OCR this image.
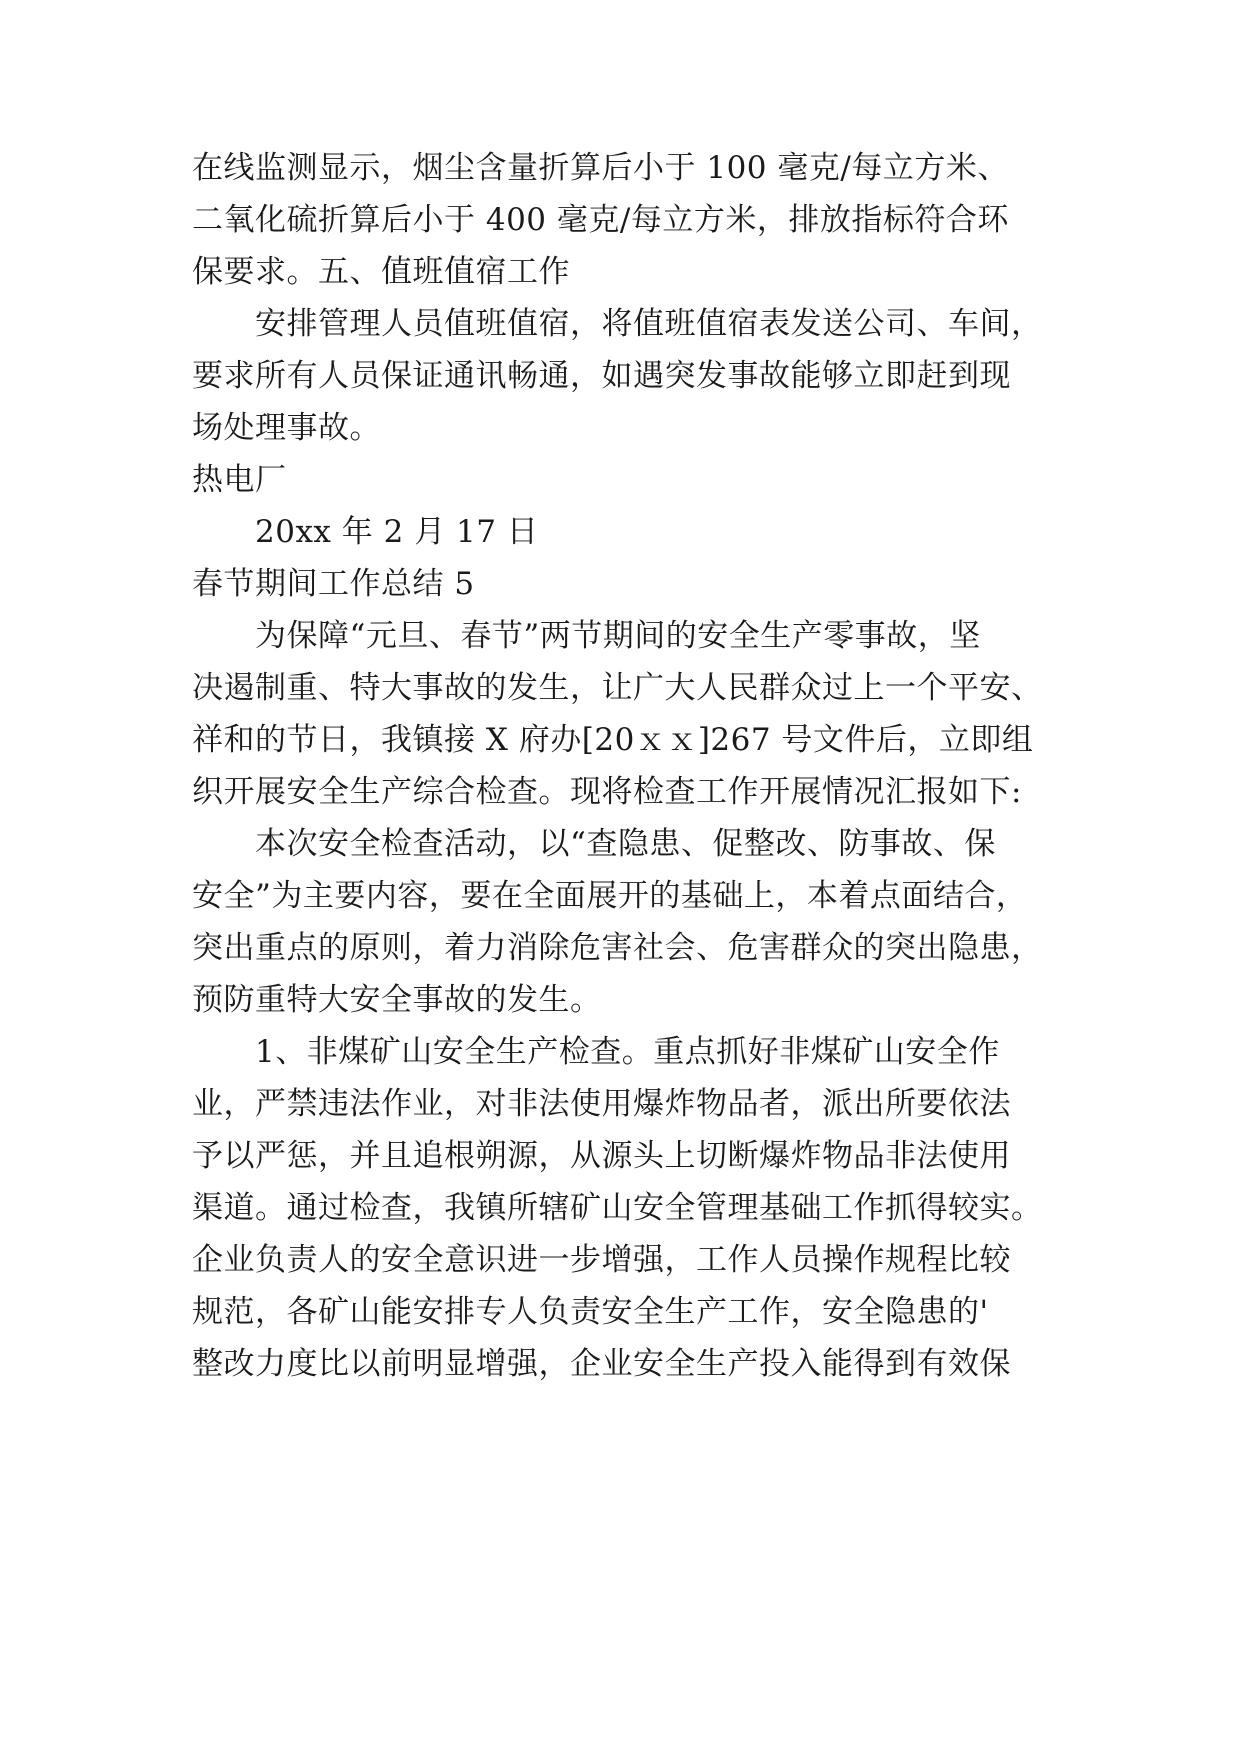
在线监测显示，烟尘含量折算后小于 100 毫克/每立方米、
二氧化硫折算后小于 400 毫克/每立方米，排放指标符合环
保要求。五、值班值宿工作
安排管理人员值班值宿，将值班值宿表发送公司、车间，
要求所有人员保证通讯畅通，如遇突发事故能够立即赶到现
场处理事故。
热电厂
20xx 年 2 月 17 日
春节期间工作总结 5
为保障“元旦、春节”两节期间的安全生产零事故，坚
决遏制重、特大事故的发生，让广大人民群众过上一个平安、
祥和的节日，我镇接 X 府办[20ｘｘ]267 号文件后，立即组
织开展安全生产综合检查。现将检查工作开展情况汇报如下:
本次安全检查活动，以“查隐患、促整改、防事故、保
安全”为主要内容，要在全面展开的基础上，本着点面结合，
突出重点的原则，着力消除危害社会、危害群众的突出隐患，
预防重特大安全事故的发生。
1、非煤矿山安全生产检查。重点抓好非煤矿山安全作
业，严禁违法作业，对非法使用爆炸物品者，派出所要依法
予以严惩，并且追根朔源，从源头上切断爆炸物品非法使用
渠道。通过检查，我镇所辖矿山安全管理基础工作抓得较实。
企业负责人的安全意识进一步增强，工作人员操作规程比较
规范，各矿山能安排专人负责安全生产工作，安全隐患的'
整改力度比以前明显增强，企业安全生产投入能得到有效保
